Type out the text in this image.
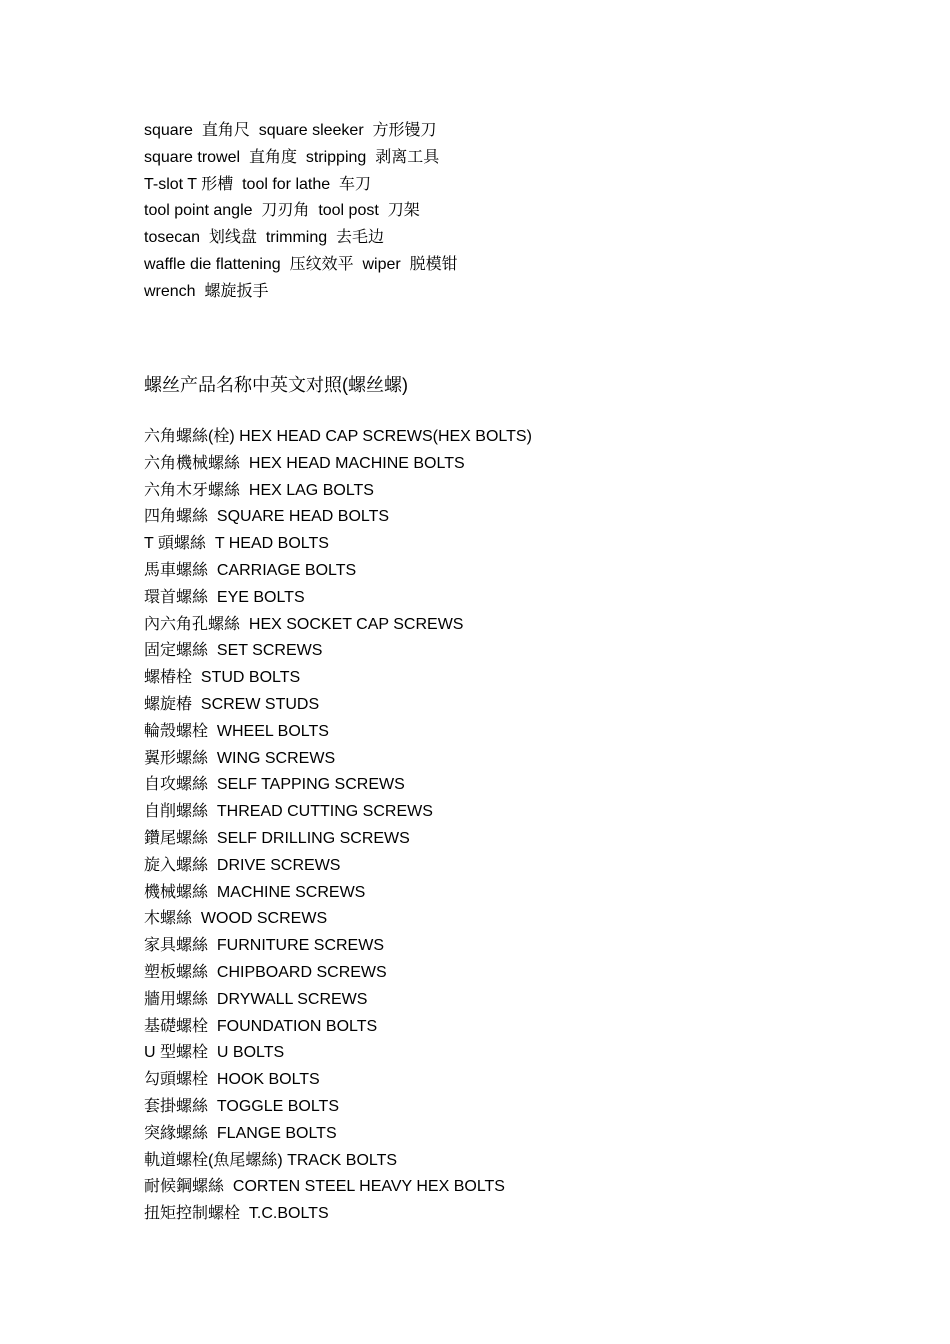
square  直角尺  square sleeker  方形镘刀
square trowel  直角度  stripping  剥离工具
T-slot T 形槽  tool for lathe  车刀
tool point angle  刀刃角  tool post  刀架
tosecan  划线盘  trimming  去毛边
waffle die flattening  压纹效平  wiper  脱模钳
wrench  螺旋扳手
螺丝产品名称中英文对照(螺丝螺)
六角螺絲(栓) HEX HEAD CAP SCREWS(HEX BOLTS)
六角機械螺絲  HEX HEAD MACHINE BOLTS
六角木牙螺絲  HEX LAG BOLTS
四角螺絲  SQUARE HEAD BOLTS
T 頭螺絲  T HEAD BOLTS
馬車螺絲  CARRIAGE BOLTS
環首螺絲  EYE BOLTS
內六角孔螺絲  HEX SOCKET CAP SCREWS
固定螺絲  SET SCREWS
螺椿栓  STUD BOLTS
螺旋椿  SCREW STUDS
輪殼螺栓  WHEEL BOLTS
翼形螺絲  WING SCREWS
自攻螺絲  SELF TAPPING SCREWS
自削螺絲  THREAD CUTTING SCREWS
鑽尾螺絲  SELF DRILLING SCREWS
旋入螺絲  DRIVE SCREWS
機械螺絲  MACHINE SCREWS
木螺絲  WOOD SCREWS
家具螺絲  FURNITURE SCREWS
塑板螺絲  CHIPBOARD SCREWS
牆用螺絲  DRYWALL SCREWS
基礎螺栓  FOUNDATION BOLTS
U 型螺栓  U BOLTS
勾頭螺栓  HOOK BOLTS
套掛螺絲  TOGGLE BOLTS
突緣螺絲  FLANGE BOLTS
軌道螺栓(魚尾螺絲) TRACK BOLTS
耐候鋼螺絲  CORTEN STEEL HEAVY HEX BOLTS
扭矩控制螺栓  T.C.BOLTS
